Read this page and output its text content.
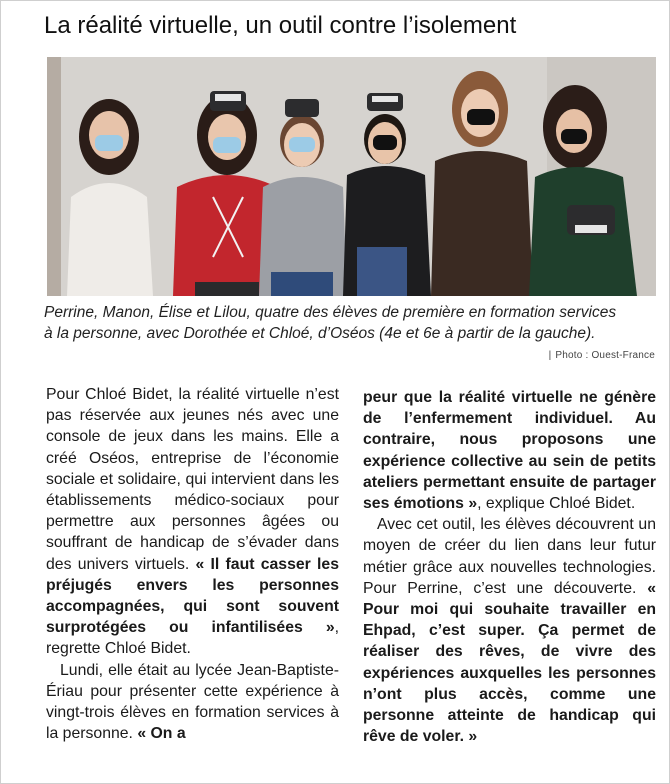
La réalité virtuelle, un outil contre l’isolement

Perrine, Manon, Élise et Lilou, quatre des élèves de première en formation services à la personne, avec Dorothée et Chloé, d’Oséos (4e et 6e à partir de la gauche).

| Photo : Ouest-France

Pour Chloé Bidet, la réalité virtuelle n’est pas réservée aux jeunes nés avec une console de jeux dans les mains. Elle a créé Oséos, entreprise de l’économie sociale et solidaire, qui intervient dans les établissements médico-sociaux pour permettre aux personnes âgées ou souffrant de handicap de s’évader dans des univers virtuels. « Il faut casser les préjugés envers les personnes accompagnées, qui sont souvent surprotégées ou infantilisées », regrette Chloé Bidet.

Lundi, elle était au lycée Jean-Baptiste-Ériau pour présenter cette expérience à vingt-trois élèves en formation services à la personne. « On a

peur que la réalité virtuelle ne génère de l’enfermement individuel. Au contraire, nous proposons une expérience collective au sein de petits ateliers permettant ensuite de partager ses émotions », explique Chloé Bidet.

Avec cet outil, les élèves découvrent un moyen de créer du lien dans leur futur métier grâce aux nouvelles technologies. Pour Perrine, c’est une découverte. « Pour moi qui souhaite travailler en Ehpad, c’est super. Ça permet de réaliser des rêves, de vivre des expériences auxquelles les personnes n’ont plus accès, comme une personne atteinte de handicap qui rêve de voler. »
